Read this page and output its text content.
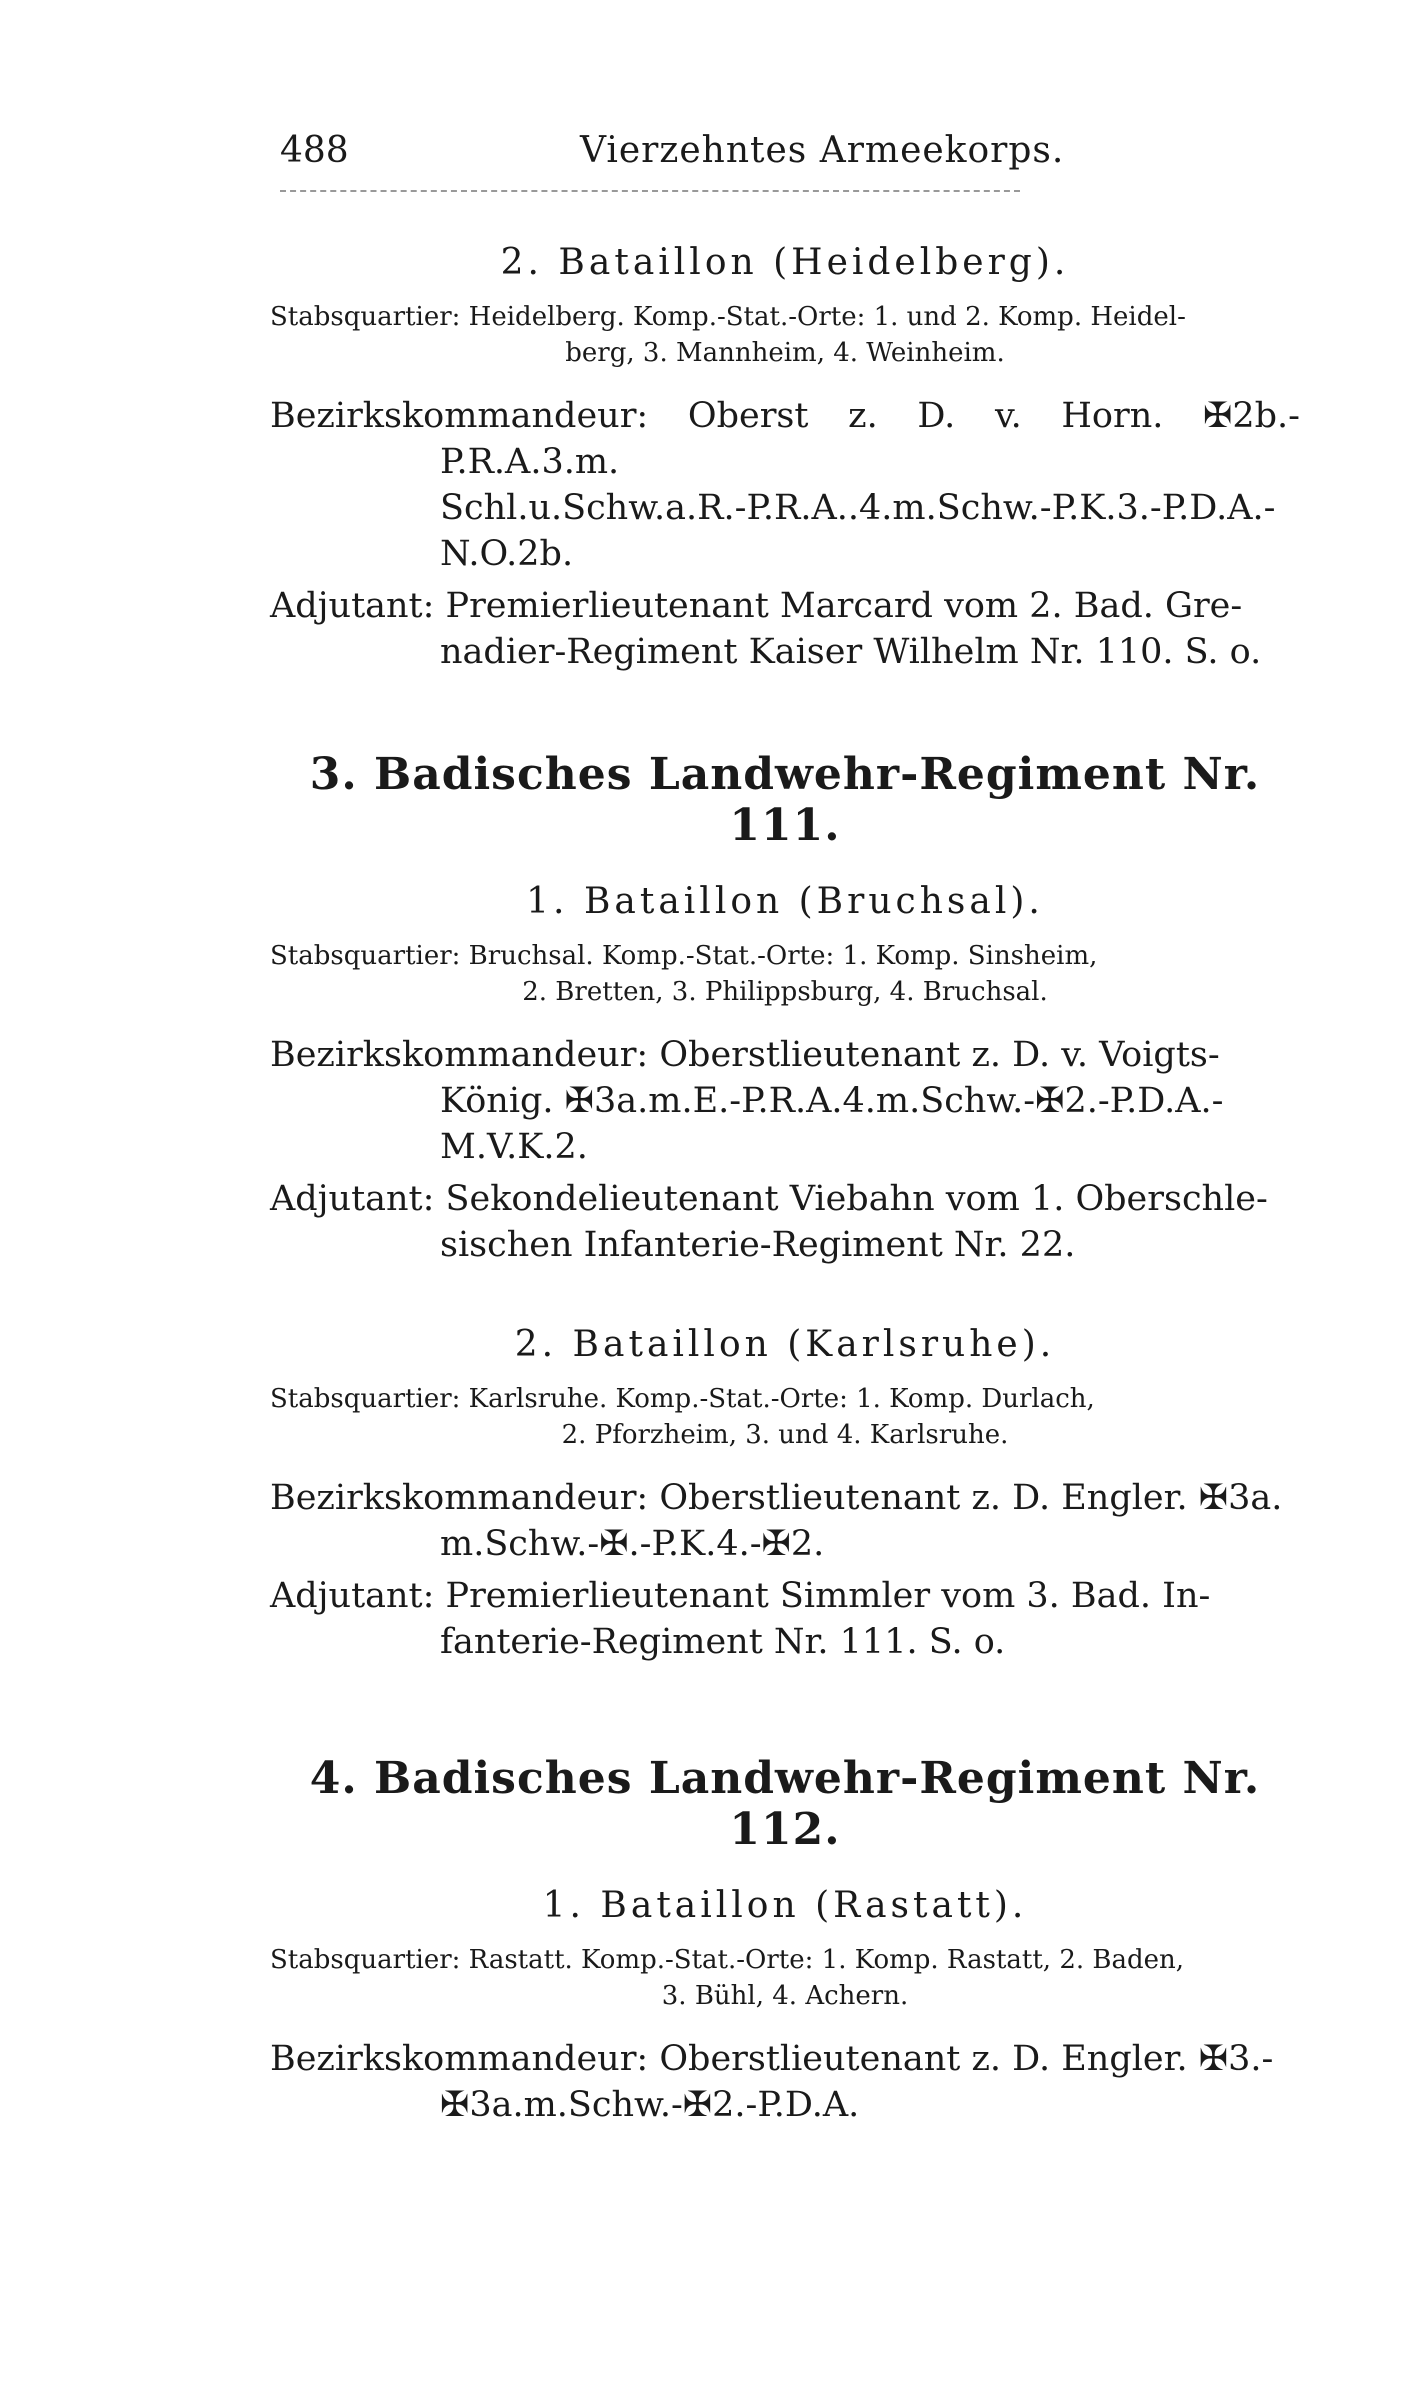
488	Vierzehntes Armeekorps.
2. Bataillon (Heidelberg).
Stabsquartier: Heidelberg. Komp.-Stat.-Orte: 1. und 2. Komp. Heidel-
berg, 3. Mannheim, 4. Weinheim.
Bezirkskommandeur: Oberst z. D. v. Horn. ✠2b.-P.R.A.3.m.
Schl.u.Schw.a.R.-P.R.A..4.m.Schw.-P.K.3.-P.D.A.-
N.O.2b.
Adjutant: Premierlieutenant Marcard vom 2. Bad. Gre-
nadier-Regiment Kaiser Wilhelm Nr. 110. S. o.
3. Badisches Landwehr-Regiment Nr. 111.
1. Bataillon (Bruchsal).
Stabsquartier: Bruchsal. Komp.-Stat.-Orte: 1. Komp. Sinsheim,
2. Bretten, 3. Philippsburg, 4. Bruchsal.
Bezirkskommandeur: Oberstlieutenant z. D. v. Voigts-
König. ✠3a.m.E.-P.R.A.4.m.Schw.-✠2.-P.D.A.-
M.V.K.2.
Adjutant: Sekondelieutenant Viebahn vom 1. Oberschle-
sischen Infanterie-Regiment Nr. 22.
2. Bataillon (Karlsruhe).
Stabsquartier: Karlsruhe. Komp.-Stat.-Orte: 1. Komp. Durlach,
2. Pforzheim, 3. und 4. Karlsruhe.
Bezirkskommandeur: Oberstlieutenant z. D. Engler. ✠3a.
m.Schw.-✠.-P.K.4.-✠2.
Adjutant: Premierlieutenant Simmler vom 3. Bad. In-
fanterie-Regiment Nr. 111. S. o.
4. Badisches Landwehr-Regiment Nr. 112.
1. Bataillon (Rastatt).
Stabsquartier: Rastatt. Komp.-Stat.-Orte: 1. Komp. Rastatt, 2. Baden,
3. Bühl, 4. Achern.
Bezirkskommandeur: Oberstlieutenant z. D. Engler. ✠3.-
✠3a.m.Schw.-✠2.-P.D.A.
